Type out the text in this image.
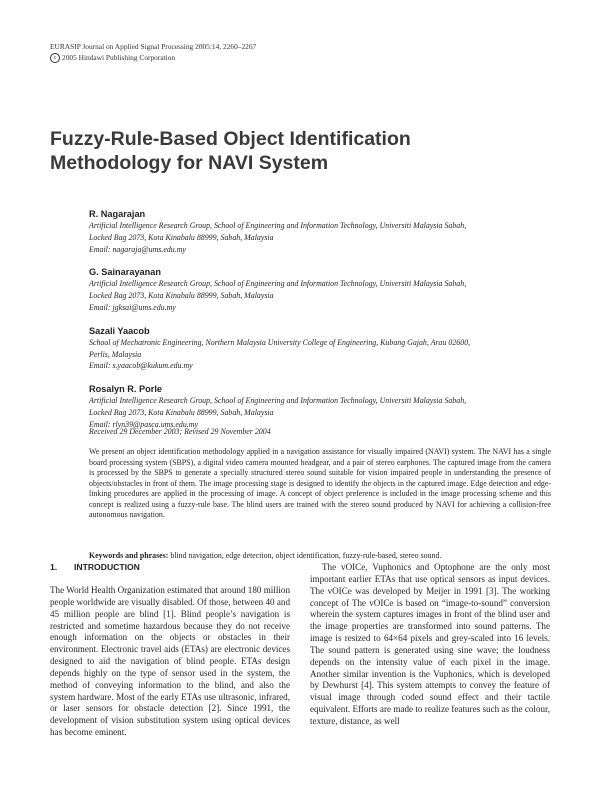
EURASIP Journal on Applied Signal Processing 2005:14, 2260–2267
c 2005 Hindawi Publishing Corporation
Fuzzy-Rule-Based Object Identification
Methodology for NAVI System
R. Nagarajan
Artificial Intelligence Research Group, School of Engineering and Information Technology, Universiti Malaysia Sabah,
Locked Bag 2073, Kota Kinabalu 88999, Sabah, Malaysia
Email: nagaraja@ums.edu.my
G. Sainarayanan
Artificial Intelligence Research Group, School of Engineering and Information Technology, Universiti Malaysia Sabah,
Locked Bag 2073, Kota Kinabalu 88999, Sabah, Malaysia
Email: jgksai@ums.edu.my
Sazali Yaacob
School of Mechatronic Engineering, Northern Malaysia University College of Engineering, Kubang Gajah, Arau 02600,
Perlis, Malaysia
Email: s.yaacob@kukum.edu.my
Rosalyn R. Porle
Artificial Intelligence Research Group, School of Engineering and Information Technology, Universiti Malaysia Sabah,
Locked Bag 2073, Kota Kinabalu 88999, Sabah, Malaysia
Email: rlyn39@pasca.ums.edu.my
Received 29 December 2003; Revised 29 November 2004
We present an object identification methodology applied in a navigation assistance for visually impaired (NAVI) system. The NAVI has a single board processing system (SBPS), a digital video camera mounted headgear, and a pair of stereo earphones. The captured image from the camera is processed by the SBPS to generate a specially structured stereo sound suitable for vision impaired people in understanding the presence of objects/obstacles in front of them. The image processing stage is designed to identify the objects in the captured image. Edge detection and edge-linking procedures are applied in the processing of image. A concept of object preference is included in the image processing scheme and this concept is realized using a fuzzy-rule base. The blind users are trained with the stereo sound produced by NAVI for achieving a collision-free autonomous navigation.
Keywords and phrases: blind navigation, edge detection, object identification, fuzzy-rule-based, stereo sound.
1. INTRODUCTION

The World Health Organization estimated that around 180 million people worldwide are visually disabled. Of those, between 40 and 45 million people are blind [1]. Blind people’s navigation is restricted and sometime hazardous because they do not receive enough information on the objects or obstacles in their environment. Electronic travel aids (ETAs) are electronic devices designed to aid the navigation of blind people. ETAs design depends highly on the type of sensor used in the system, the method of conveying information to the blind, and also the system hardware. Most of the early ETAs use ultrasonic, infrared, or laser sensors for obstacle detection [2]. Since 1991, the development of vision substitution system using optical devices has become eminent.

The vOICe, Vuphonics and Optophone are the only most important earlier ETAs that use optical sensors as input devices. The vOICe was developed by Meijer in 1991 [3]. The working concept of The vOICe is based on “image-to-sound” conversion wherein the system captures images in front of the blind user and the image properties are transformed into sound patterns. The image is resized to 64×64 pixels and grey-scaled into 16 levels. The sound pattern is generated using sine wave; the loudness depends on the intensity value of each pixel in the image. Another similar invention is the Vuphonics, which is developed by Dewhurst [4]. This system attempts to convey the feature of visual image through coded sound effect and their tactile equivalent. Efforts are made to realize features such as the colour, texture, distance, as well
